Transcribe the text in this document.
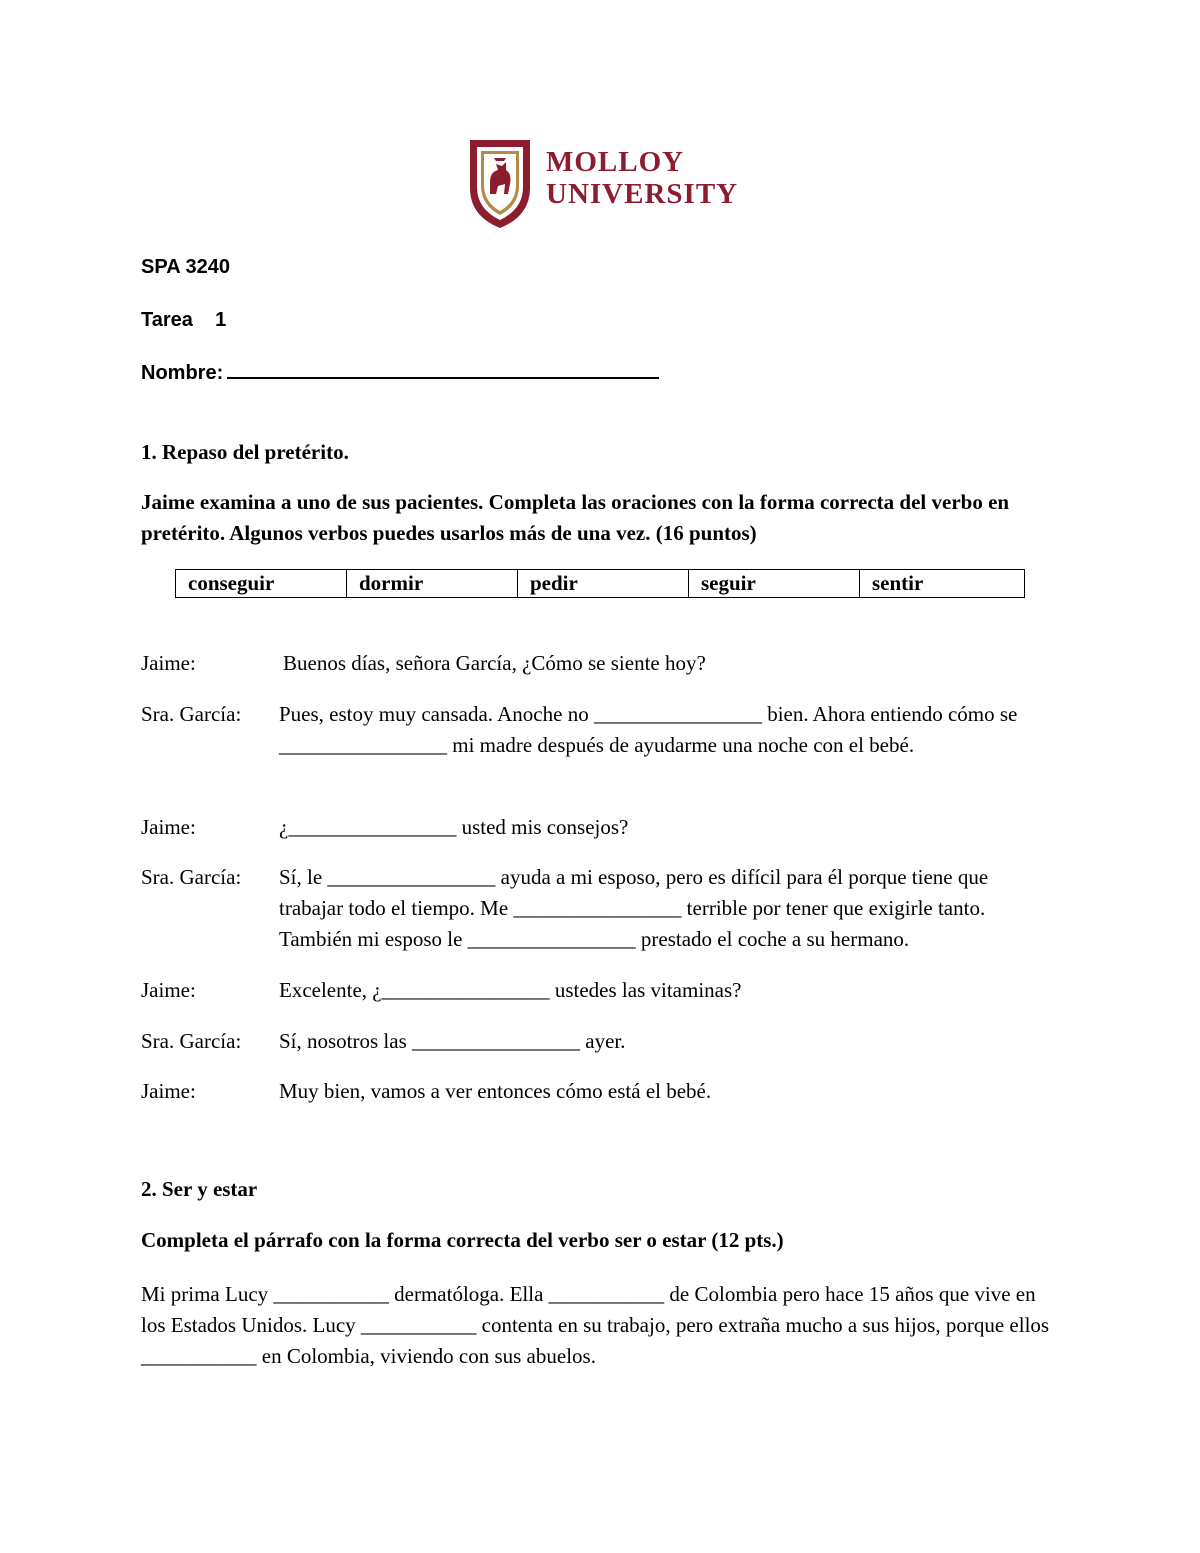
MOLLOY
UNIVERSITY
SPA 3240
Tarea    1
Nombre:
1. Repaso del pretérito.
Jaime examina a uno de sus pacientes. Completa las oraciones con la forma correcta del verbo en pretérito. Algunos verbos puedes usarlos más de una vez. (16 puntos)
conseguir	dormir	pedir	seguir	sentir
Jaime:	Buenos días, señora García, ¿Cómo se siente hoy?
Sra. García: Pues, estoy muy cansada. Anoche no ________________ bien. Ahora entiendo cómo se ________________ mi madre después de ayudarme una noche con el bebé.
Jaime:	¿________________ usted mis consejos?
Sra. García: Sí, le ________________ ayuda a mi esposo, pero es difícil para él porque tiene que trabajar todo el tiempo. Me ________________ terrible por tener que exigirle tanto. También mi esposo le ________________ prestado el coche a su hermano.
Jaime:	Excelente, ¿________________ ustedes las vitaminas?
Sra. García: Sí, nosotros las ________________ ayer.
Jaime:	Muy bien, vamos a ver entonces cómo está el bebé.
2. Ser y estar
Completa el párrafo con la forma correcta del verbo ser o estar (12 pts.)
Mi prima Lucy ___________ dermatóloga. Ella ___________ de Colombia pero hace 15 años que vive en los Estados Unidos. Lucy ___________ contenta en su trabajo, pero extraña mucho a sus hijos, porque ellos ___________ en Colombia, viviendo con sus abuelos.
